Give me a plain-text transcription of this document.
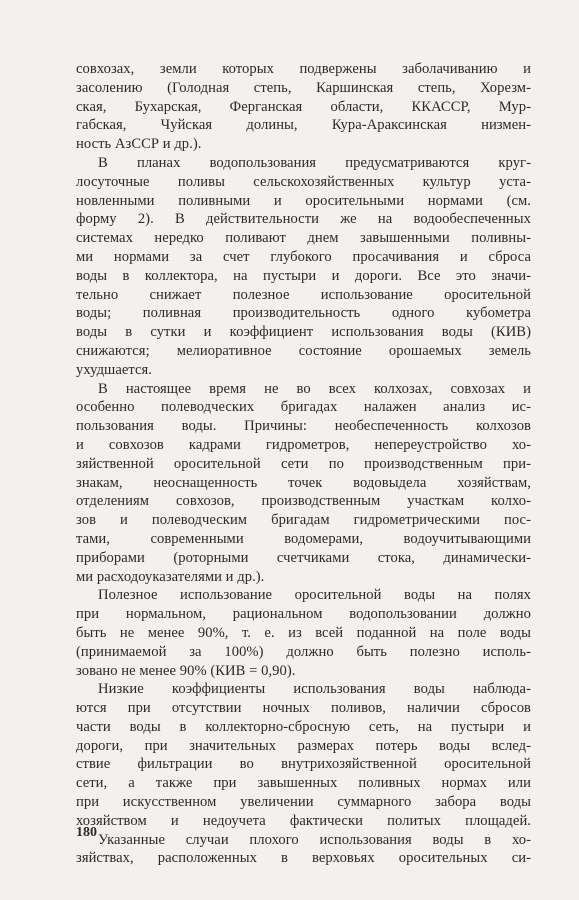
совхозах, земли которых подвержены заболачиванию и
засолению (Голодная степь, Каршинская степь, Хорезм-
ская, Бухарская, Ферганская области, ККАССР, Мур-
габская, Чуйская долины, Кура-Араксинская низмен-
ность АзССР и др.).
В планах водопользования предусматриваются круг-
лосуточные поливы сельскохозяйственных культур уста-
новленными поливными и оросительными нормами (см.
форму 2). В действительности же на водообеспеченных
системах нередко поливают днем завышенными поливны-
ми нормами за счет глубокого просачивания и сброса
воды в коллектора, на пустыри и дороги. Все это значи-
тельно снижает полезное использование оросительной
воды; поливная производительность одного кубометра
воды в сутки и коэффициент использования воды (КИВ)
снижаются; мелиоративное состояние орошаемых земель
ухудшается.
В настоящее время не во всех колхозах, совхозах и
особенно полеводческих бригадах налажен анализ ис-
пользования воды. Причины: необеспеченность колхозов
и совхозов кадрами гидрометров, непереустройство хо-
зяйственной оросительной сети по производственным при-
знакам, неоснащенность точек водовыдела хозяйствам,
отделениям совхозов, производственным участкам колхо-
зов и полеводческим бригадам гидрометрическими пос-
тами, современными водомерами, водоучитывающими
приборами (роторными счетчиками стока, динамически-
ми расходоуказателями и др.).
Полезное использование оросительной воды на полях
при нормальном, рациональном водопользовании должно
быть не менее 90%, т. е. из всей поданной на поле воды
(принимаемой за 100%) должно быть полезно исполь-
зовано не менее 90% (КИВ = 0,90).
Низкие коэффициенты использования воды наблюда-
ются при отсутствии ночных поливов, наличии сбросов
части воды в коллекторно-сбросную сеть, на пустыри и
дороги, при значительных размерах потерь воды вслед-
ствие фильтрации во внутрихозяйственной оросительной
сети, а также при завышенных поливных нормах или
при искусственном увеличении суммарного забора воды
хозяйством и недоучета фактически политых площадей.
Указанные случаи плохого использования воды в хо-
зяйствах, расположенных в верховьях оросительных си-
180
